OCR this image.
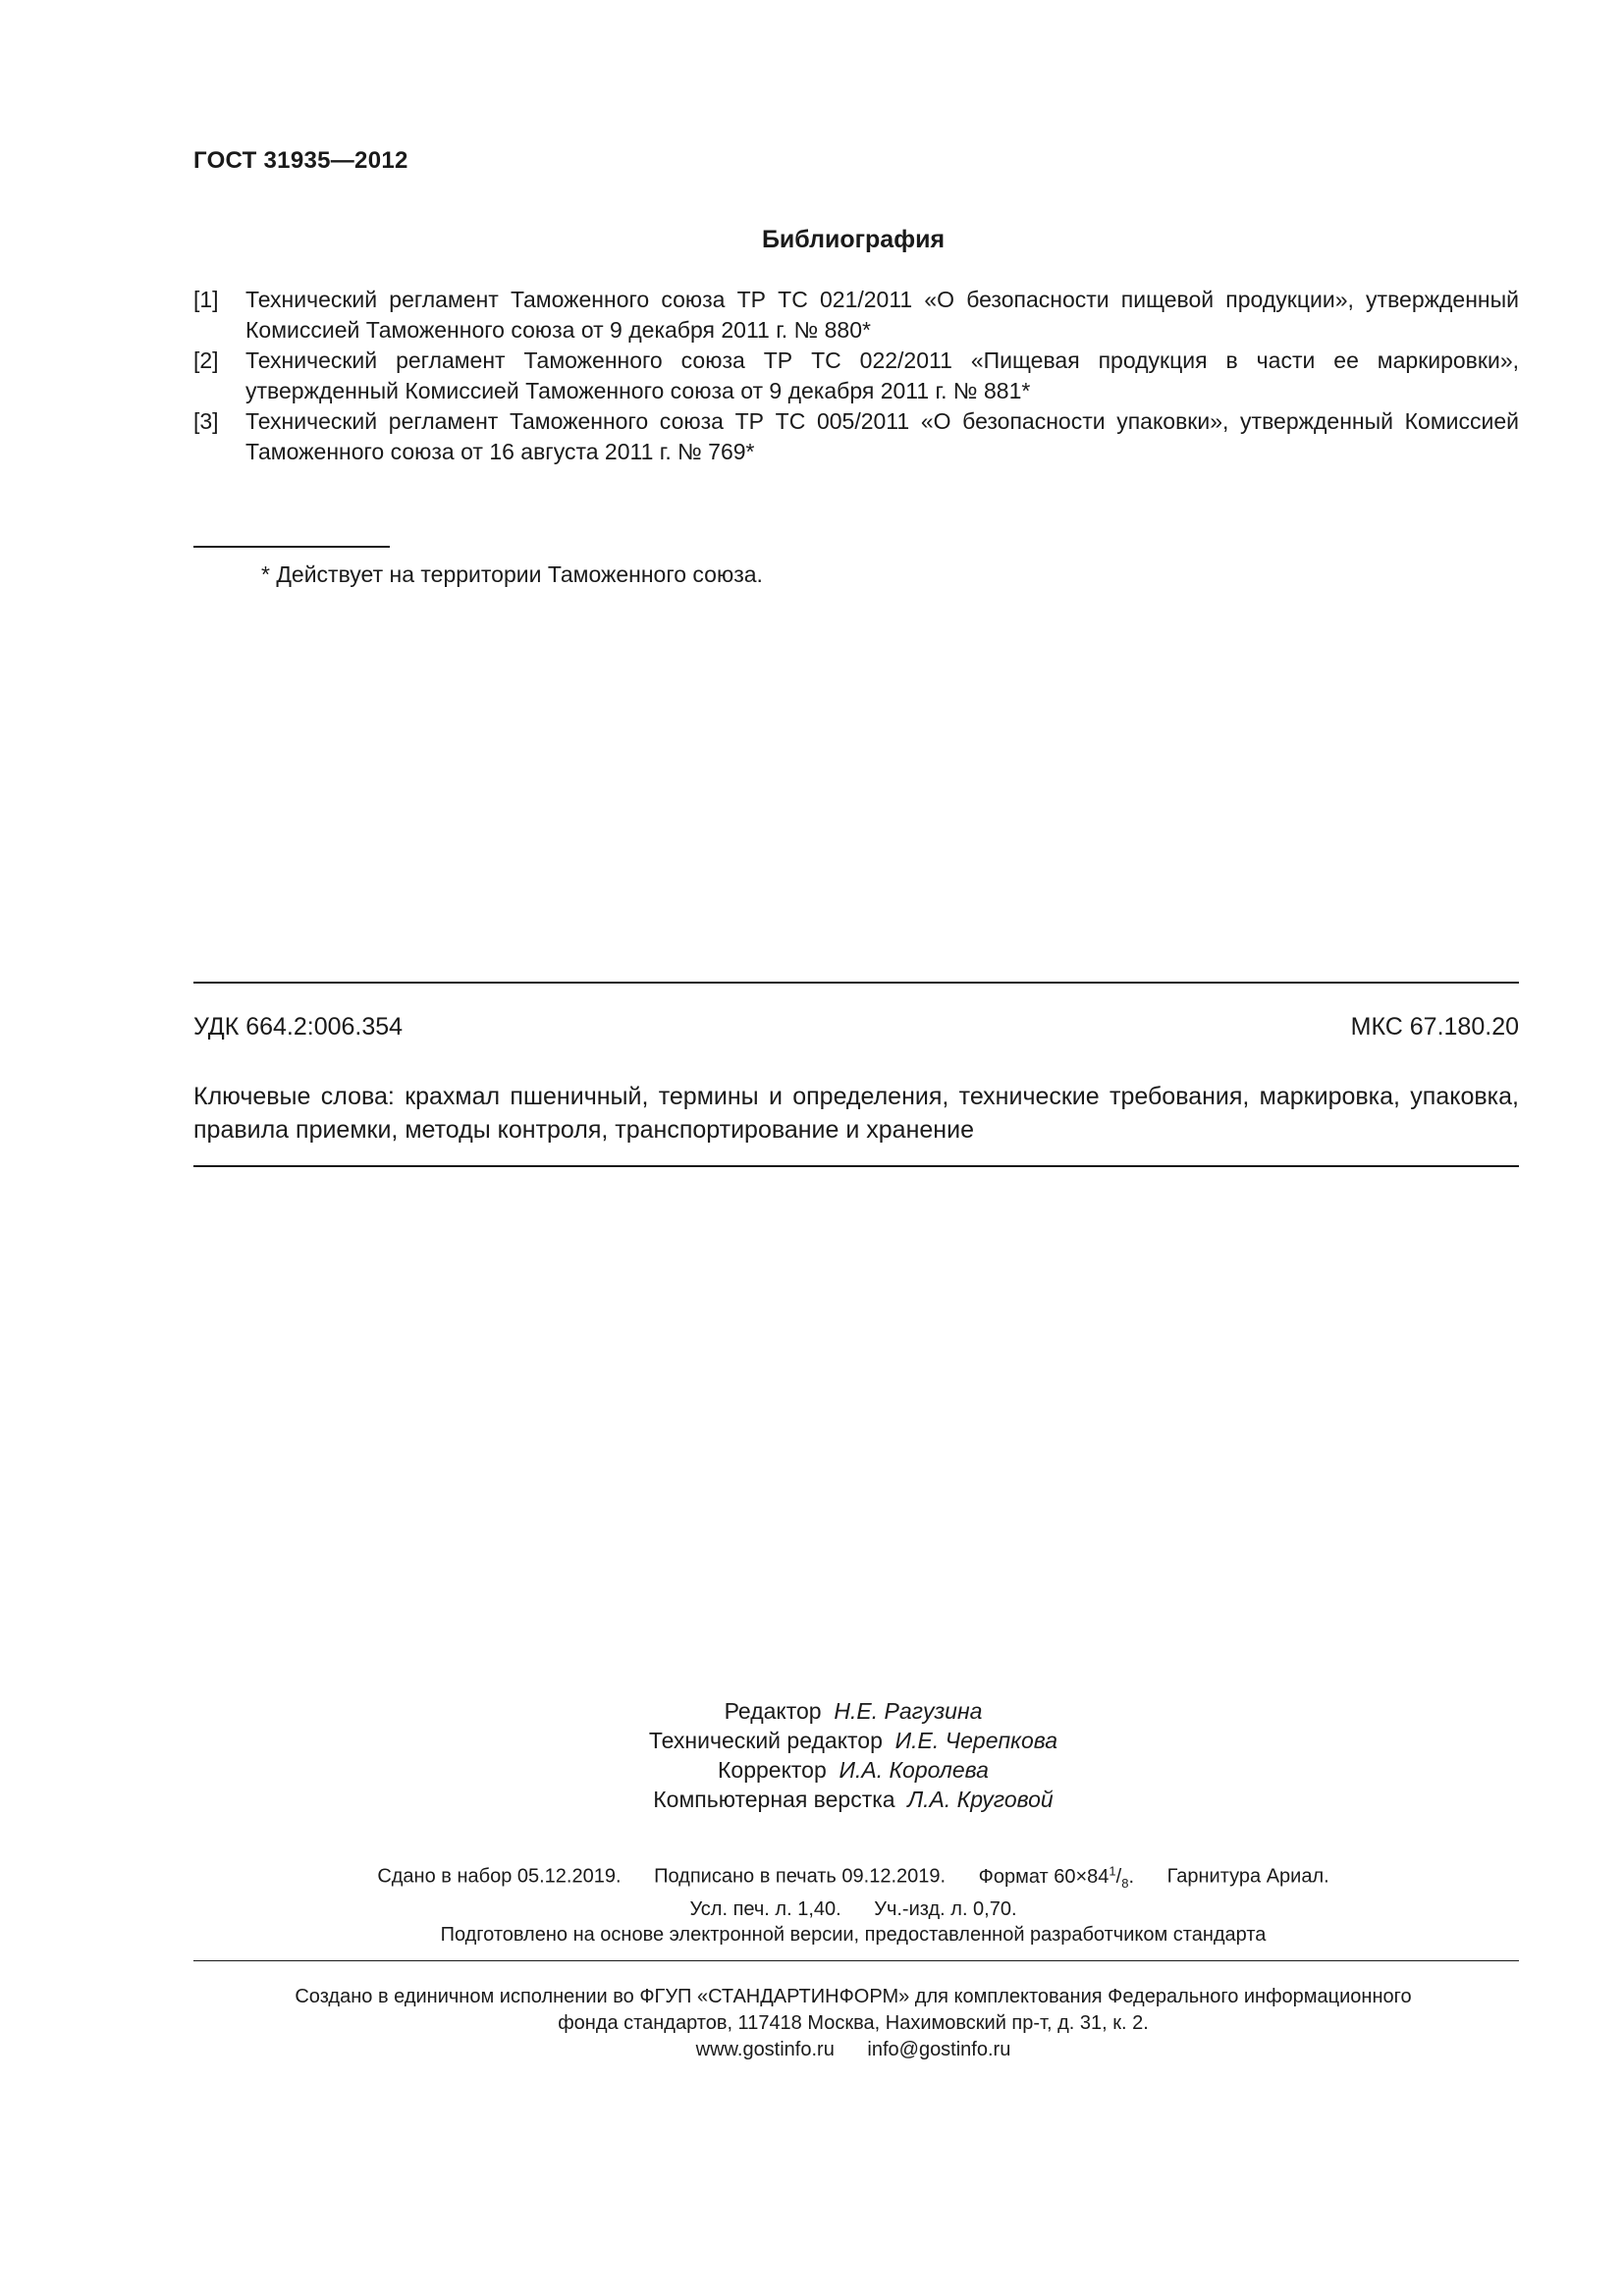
ГОСТ 31935—2012
Библиография
[1]	Технический регламент Таможенного союза ТР ТС 021/2011 «О безопасности пищевой продукции», утвержденный Комиссией Таможенного союза от 9 декабря 2011 г. № 880*
[2]	Технический регламент Таможенного союза ТР ТС 022/2011 «Пищевая продукция в части ее маркировки», утвержденный Комиссией Таможенного союза от 9 декабря 2011 г. № 881*
[3]	Технический регламент Таможенного союза ТР ТС 005/2011 «О безопасности упаковки», утвержденный Комиссией Таможенного союза от 16 августа 2011 г. № 769*
* Действует на территории Таможенного союза.
УДК 664.2:006.354	МКС 67.180.20
Ключевые слова: крахмал пшеничный, термины и определения, технические требования, маркировка, упаковка, правила приемки, методы контроля, транспортирование и хранение
Редактор Н.Е. Рагузина
Технический редактор И.Е. Черепкова
Корректор И.А. Королева
Компьютерная верстка Л.А. Круговой
Сдано в набор 05.12.2019. Подписано в печать 09.12.2019. Формат $60\times 84^1/_8$. Гарнитура Ариал.
Усл. печ. л. 1,40. Уч.-изд. л. 0,70.
Подготовлено на основе электронной версии, предоставленной разработчиком стандарта
Создано в единичном исполнении во ФГУП «СТАНДАРТИНФОРМ» для комплектования Федерального информационного
фонда стандартов, 117418 Москва, Нахимовский пр-т, д. 31, к. 2.
www.gostinfo.ru info@gostinfo.ru
